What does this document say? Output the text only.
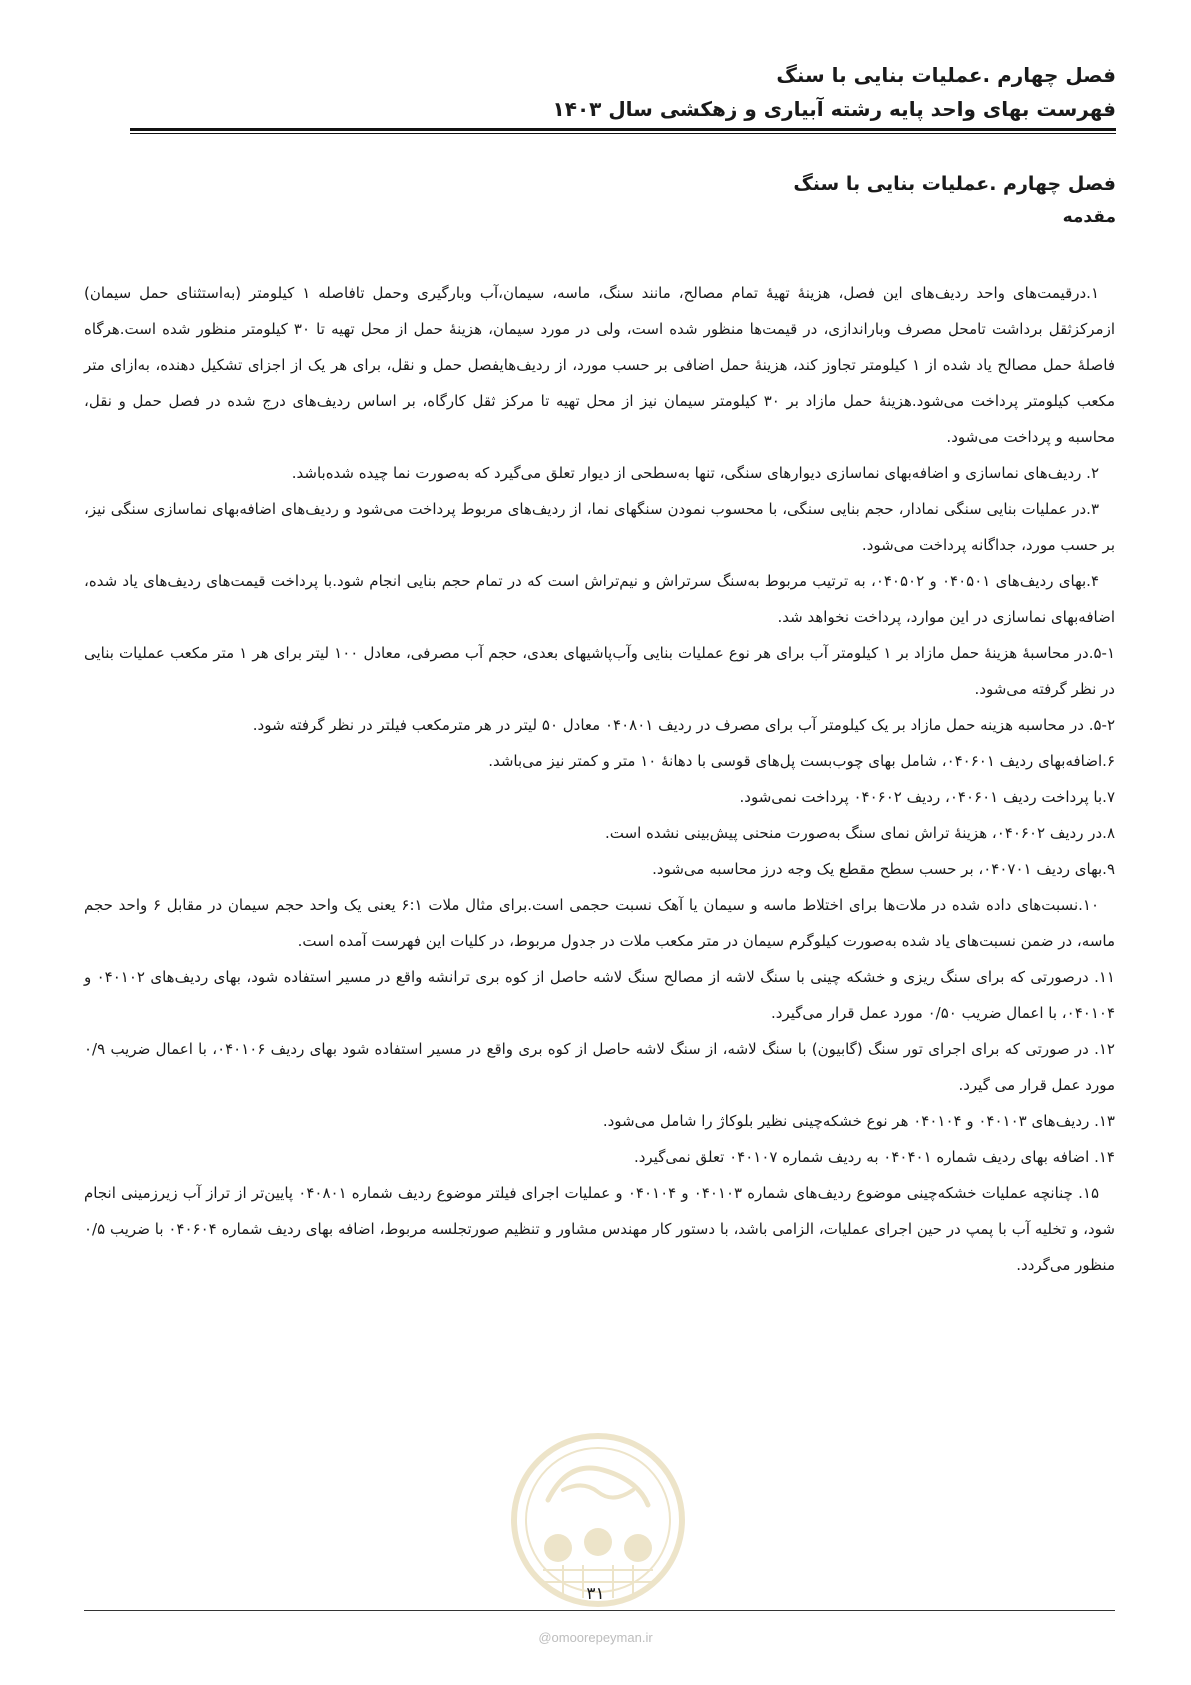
فصل چهارم .عملیات بنایی با سنگ
فهرست بهای واحد پایه رشته آبیاری و زهکشی سال ۱۴۰۳
فصل چهارم .عملیات بنایی با سنگ
مقدمه

۱.درقیمت‌های واحد ردیف‌های این فصل، هزینهٔ تهیهٔ تمام مصالح، مانند سنگ، ماسه، سیمان،آب وبارگیری وحمل تافاصله ۱ کیلومتر (به‌استثنای حمل سیمان) ازمرکزثقل برداشت تامحل مصرف وباراندازی، در قیمت‌ها منظور شده است، ولی در مورد سیمان، هزینهٔ حمل از محل تهیه تا ۳۰ کیلومتر منظور شده است.هرگاه فاصلهٔ حمل مصالح یاد شده از ۱ کیلومتر تجاوز کند، هزینهٔ حمل اضافی بر حسب مورد، از ردیف‌هایفصل حمل و نقل، برای هر یک از اجزای تشکیل دهنده، به‌ازای متر مکعب کیلومتر پرداخت می‌شود.هزینهٔ حمل مازاد بر ۳۰ کیلومتر سیمان نیز از محل تهیه تا مرکز ثقل کارگاه، بر اساس ردیف‌های درج شده در فصل حمل و نقل، محاسبه و پرداخت می‌شود.

۲. ردیف‌های نماسازی و اضافه‌بهای نماسازی دیوارهای سنگی، تنها به‌سطحی از دیوار تعلق می‌گیرد که به‌صورت نما چیده شده‌باشد.

۳.در عملیات بنایی سنگی نمادار، حجم بنایی سنگی، با محسوب نمودن سنگهای نما، از ردیف‌های مربوط پرداخت می‌شود و ردیف‌های اضافه‌بهای نماسازی سنگی نیز، بر حسب مورد، جداگانه پرداخت می‌شود.

۴.بهای ردیف‌های ۰۴۰۵۰۱ و ۰۴۰۵۰۲، به ترتیب مربوط به‌سنگ سرتراش و نیم‌تراش است که در تمام حجم بنایی انجام شود.با پرداخت قیمت‌های ردیف‌های یاد شده، اضافه‌بهای نماسازی در این موارد، پرداخت نخواهد شد.

۵-۱.در محاسبهٔ هزینهٔ حمل مازاد بر ۱ کیلومتر آب برای هر نوع عملیات بنایی وآب‌پاشیهای بعدی، حجم آب مصرفی، معادل ۱۰۰ لیتر برای هر ۱ متر مکعب عملیات بنایی در نظر گرفته می‌شود.

۵-۲. در محاسبه هزینه حمل مازاد بر یک کیلومتر آب برای مصرف در ردیف ۰۴۰۸۰۱ معادل ۵۰ لیتر در هر مترمکعب فیلتر در نظر گرفته شود.

۶.اضافه‌بهای ردیف ۰۴۰۶۰۱، شامل بهای چوب‌بست پل‌های قوسی با دهانهٔ ۱۰ متر و کمتر نیز می‌باشد.

۷.با پرداخت ردیف ۰۴۰۶۰۱، ردیف ۰۴۰۶۰۲ پرداخت نمی‌شود.

۸.در ردیف ۰۴۰۶۰۲، هزینهٔ تراش نمای سنگ به‌صورت منحنی پیش‌بینی نشده است.

۹.بهای ردیف ۰۴۰۷۰۱، بر حسب سطح مقطع یک وجه درز محاسبه می‌شود.

۱۰.نسبت‌های داده شده در ملات‌ها برای اختلاط ماسه و سیمان یا آهک نسبت حجمی است.برای مثال ملات ۶:۱ یعنی یک واحد حجم سیمان در مقابل ۶ واحد حجم ماسه، در ضمن نسبت‌های یاد شده به‌صورت کیلوگرم سیمان در متر مکعب ملات در جدول مربوط، در کلیات این فهرست آمده است.

۱۱. درصورتی که برای سنگ ریزی و خشکه چینی با سنگ لاشه از مصالح سنگ لاشه حاصل از کوه بری ترانشه واقع در مسیر استفاده شود، بهای ردیف‌های ۰۴۰۱۰۲ و ۰۴۰۱۰۴، با اعمال ضریب ۰/۵۰ مورد عمل قرار می‌گیرد.

۱۲. در صورتی که برای اجرای تور سنگ (گابیون) با سنگ لاشه، از سنگ لاشه حاصل از کوه بری واقع در مسیر استفاده شود بهای ردیف ۰۴۰۱۰۶، با اعمال ضریب ۰/۹ مورد عمل قرار می گیرد.

۱۳. ردیف‌های ۰۴۰۱۰۳ و ۰۴۰۱۰۴ هر نوع خشکه‌چینی نظیر بلوکاژ را شامل می‌شود.

۱۴. اضافه بهای ردیف شماره ۰۴۰۴۰۱ به ردیف شماره ۰۴۰۱۰۷ تعلق نمی‌گیرد.

۱۵. چنانچه عملیات خشکه‌چینی موضوع ردیف‌های شماره ۰۴۰۱۰۳ و ۰۴۰۱۰۴ و عملیات اجرای فیلتر موضوع ردیف شماره ۰۴۰۸۰۱ پایین‌تر از تراز آب زیرزمینی انجام شود، و تخلیه آب با پمپ در حین اجرای عملیات، الزامی باشد، با دستور کار مهندس مشاور و تنظیم صورتجلسه مربوط، اضافه بهای ردیف شماره ۰۴۰۶۰۴ با ضریب ۰/۵ منظور می‌گردد.

۳۱
@omoorepeyman.ir
